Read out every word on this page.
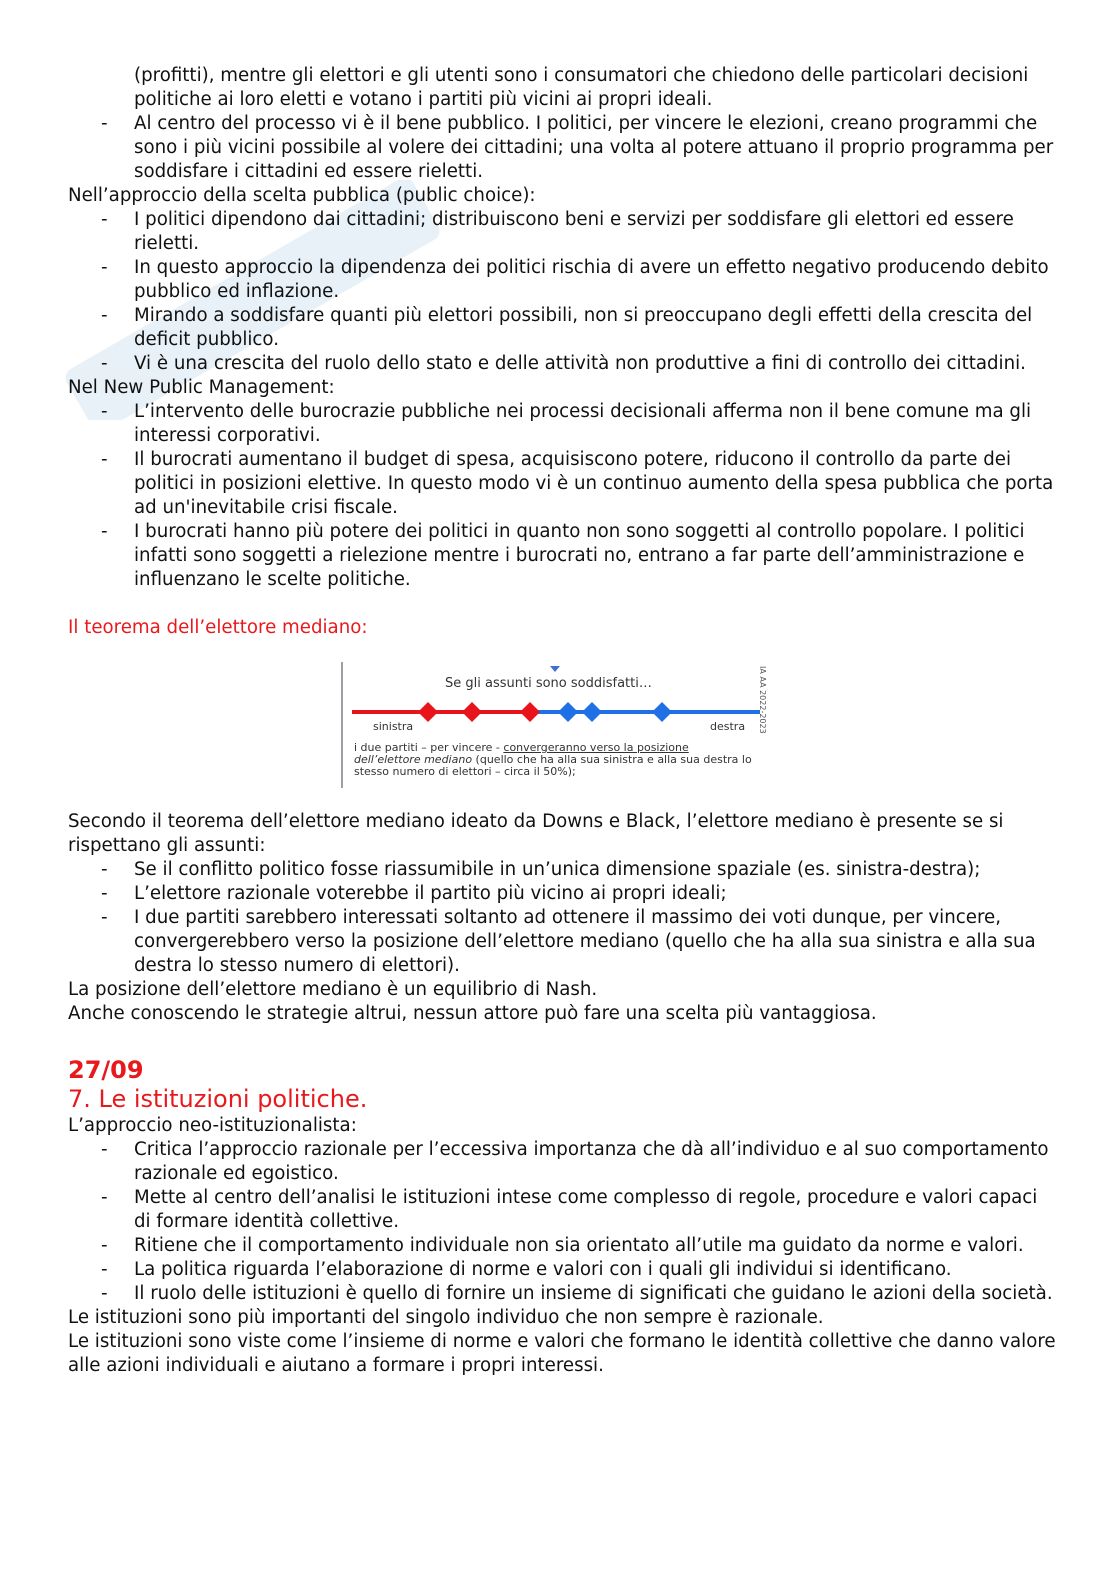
(profitti), mentre gli elettori e gli utenti sono i consumatori che chiedono delle particolari decisioni politiche ai loro eletti e votano i partiti più vicini ai propri ideali.

- Al centro del processo vi è il bene pubblico. I politici, per vincere le elezioni, creano programmi che sono i più vicini possibile al volere dei cittadini; una volta al potere attuano il proprio programma per soddisfare i cittadini ed essere rieletti.

Nell’approccio della scelta pubblica (public choice):

- I politici dipendono dai cittadini; distribuiscono beni e servizi per soddisfare gli elettori ed essere rieletti.
- In questo approccio la dipendenza dei politici rischia di avere un effetto negativo producendo debito pubblico ed inflazione.
- Mirando a soddisfare quanti più elettori possibili, non si preoccupano degli effetti della crescita del deficit pubblico.
- Vi è una crescita del ruolo dello stato e delle attività non produttive a fini di controllo dei cittadini.

Nel New Public Management:

- L’intervento delle burocrazie pubbliche nei processi decisionali afferma non il bene comune ma gli interessi corporativi.
- Il burocrati aumentano il budget di spesa, acquisiscono potere, riducono il controllo da parte dei politici in posizioni elettive. In questo modo vi è un continuo aumento della spesa pubblica che porta ad un'inevitabile crisi fiscale.
- I burocrati hanno più potere dei politici in quanto non sono soggetti al controllo popolare. I politici infatti sono soggetti a rielezione mentre i burocrati no, entrano a far parte dell’amministrazione e influenzano le scelte politiche.

Il teorema dell’elettore mediano:

Se gli assunti sono soddisfatti…
sinistra	destra	IA AA 2022-2023
i due partiti – per vincere - convergeranno verso la posizione dell’elettore mediano (quello che ha alla sua sinistra e alla sua destra lo stesso numero di elettori – circa il 50%);

Secondo il teorema dell’elettore mediano ideato da Downs e Black, l’elettore mediano è presente se si rispettano gli assunti:

- Se il conflitto politico fosse riassumibile in un’unica dimensione spaziale (es. sinistra-destra);
- L’elettore razionale voterebbe il partito più vicino ai propri ideali;
- I due partiti sarebbero interessati soltanto ad ottenere il massimo dei voti dunque, per vincere, convergerebbero verso la posizione dell’elettore mediano (quello che ha alla sua sinistra e alla sua destra lo stesso numero di elettori).

La posizione dell’elettore mediano è un equilibrio di Nash.

Anche conoscendo le strategie altrui, nessun attore può fare una scelta più vantaggiosa.

27/09
7. Le istituzioni politiche.

L’approccio neo-istituzionalista:

- Critica l’approccio razionale per l’eccessiva importanza che dà all’individuo e al suo comportamento razionale ed egoistico.
- Mette al centro dell’analisi le istituzioni intese come complesso di regole, procedure e valori capaci di formare identità collettive.
- Ritiene che il comportamento individuale non sia orientato all’utile ma guidato da norme e valori.
- La politica riguarda l’elaborazione di norme e valori con i quali gli individui si identificano.
- Il ruolo delle istituzioni è quello di fornire un insieme di significati che guidano le azioni della società.

Le istituzioni sono più importanti del singolo individuo che non sempre è razionale.

Le istituzioni sono viste come l’insieme di norme e valori che formano le identità collettive che danno valore alle azioni individuali e aiutano a formare i propri interessi.
